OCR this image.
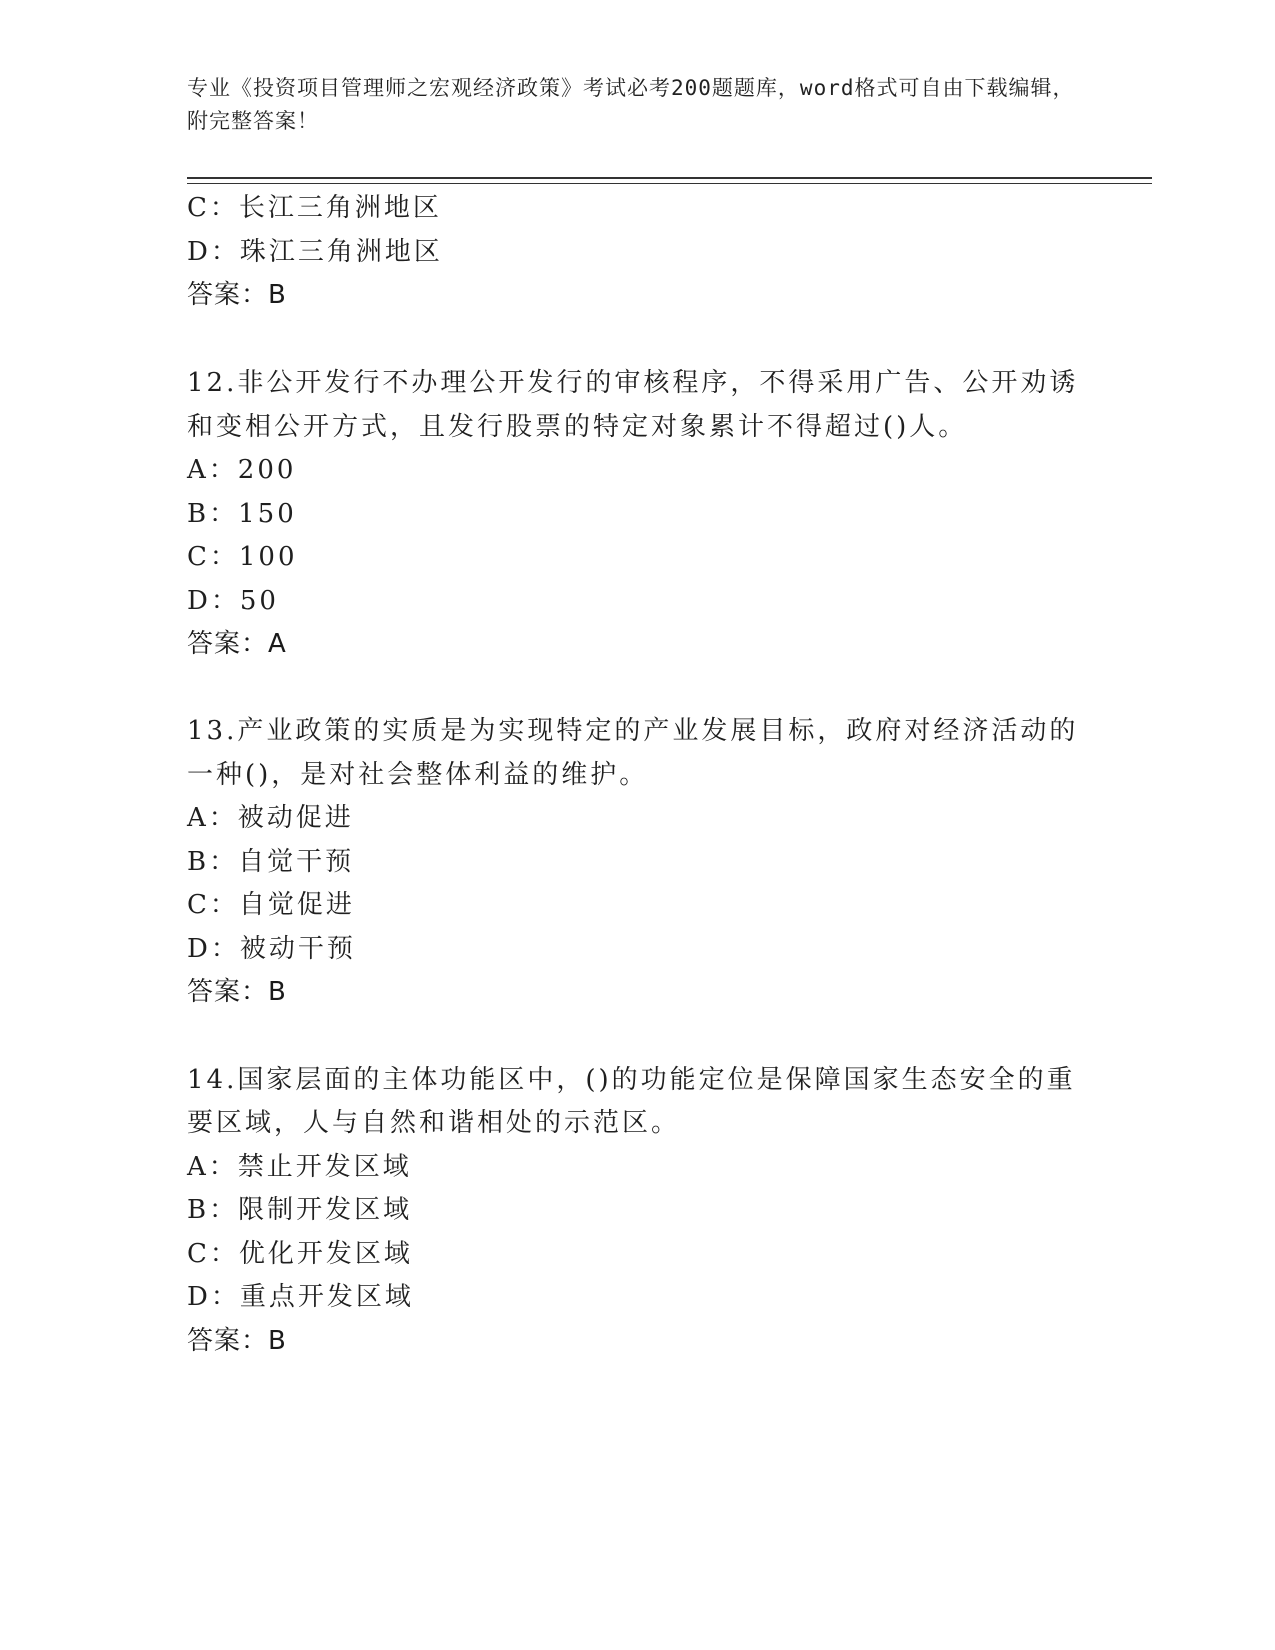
专业《投资项目管理师之宏观经济政策》考试必考200题题库，word格式可自由下载编辑，附完整答案！
C：长江三角洲地区
D：珠江三角洲地区
答案：B
12.非公开发行不办理公开发行的审核程序，不得采用广告、公开劝诱
和变相公开方式，且发行股票的特定对象累计不得超过()人。
A：200
B：150
C：100
D：50
答案：A
13.产业政策的实质是为实现特定的产业发展目标，政府对经济活动的
一种()，是对社会整体利益的维护。
A：被动促进
B：自觉干预
C：自觉促进
D：被动干预
答案：B
14.国家层面的主体功能区中，()的功能定位是保障国家生态安全的重
要区域，人与自然和谐相处的示范区。
A：禁止开发区域
B：限制开发区域
C：优化开发区域
D：重点开发区域
答案：B
